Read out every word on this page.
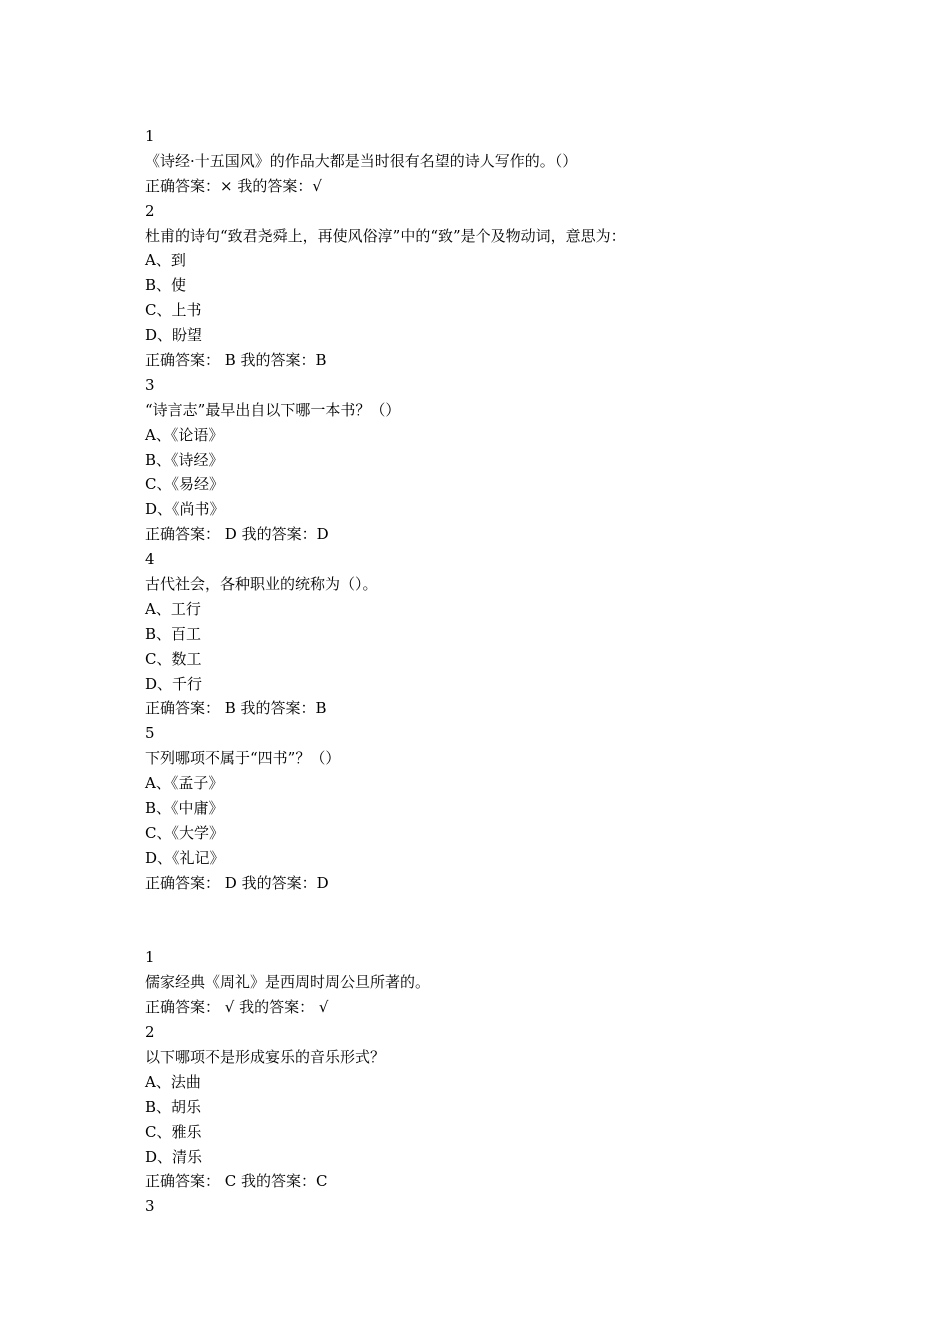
1
《诗经·十五国风》的作品大都是当时很有名望的诗人写作的。（）
正确答案：× 我的答案：√
2
杜甫的诗句“致君尧舜上，再使风俗淳”中的“致”是个及物动词，意思为：
A、到
B、使
C、上书
D、盼望
正确答案： B 我的答案：B
3
“诗言志”最早出自以下哪一本书？（）
A、《论语》
B、《诗经》
C、《易经》
D、《尚书》
正确答案： D 我的答案：D
4
古代社会，各种职业的统称为（）。
A、工行
B、百工
C、数工
D、千行
正确答案： B 我的答案：B
5
下列哪项不属于“四书”？（）
A、《孟子》
B、《中庸》
C、《大学》
D、《礼记》
正确答案： D 我的答案：D
1
儒家经典《周礼》是西周时周公旦所著的。
正确答案： √ 我的答案： √
2
以下哪项不是形成宴乐的音乐形式？
A、法曲
B、胡乐
C、雅乐
D、清乐
正确答案： C 我的答案：C
3
